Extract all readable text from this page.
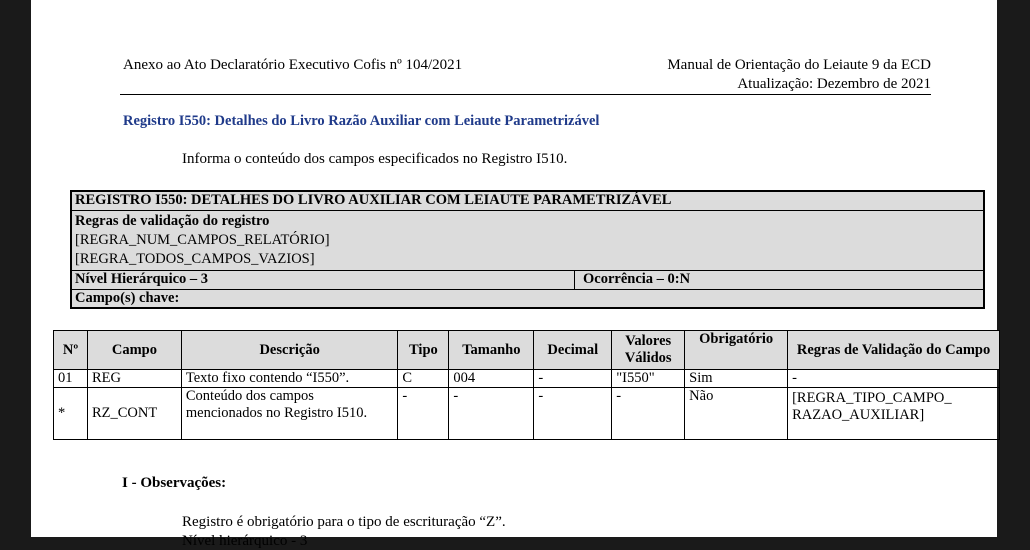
Anexo ao Ato Declaratório Executivo Cofis nº 104/2021	Manual de Orientação do Leiaute 9 da ECD
Atualização: Dezembro de 2021
Registro I550: Detalhes do Livro Razão Auxiliar com Leiaute Parametrizável
Informa o conteúdo dos campos especificados no Registro I510.
REGISTRO I550: DETALHES DO LIVRO AUXILIAR COM LEIAUTE PARAMETRIZÁVEL
Regras de validação do registro
[REGRA_NUM_CAMPOS_RELATÓRIO]
[REGRA_TODOS_CAMPOS_VAZIOS]
Nível Hierárquico – 3	Ocorrência – 0:N
Campo(s) chave:
Nº	Campo	Descrição	Tipo	Tamanho	Decimal	Valores Válidos	Obrigatório	Regras de Validação do Campo
01	REG	Texto fixo contendo “I550”.	C	004	-	"I550"	Sim	-
*	RZ_CONT	Conteúdo dos campos mencionados no Registro I510.	-	-	-	-	Não	[REGRA_TIPO_CAMPO_ RAZAO_AUXILIAR]
I - Observações:
Registro é obrigatório para o tipo de escrituração “Z”.
Nível hierárquico - 3
